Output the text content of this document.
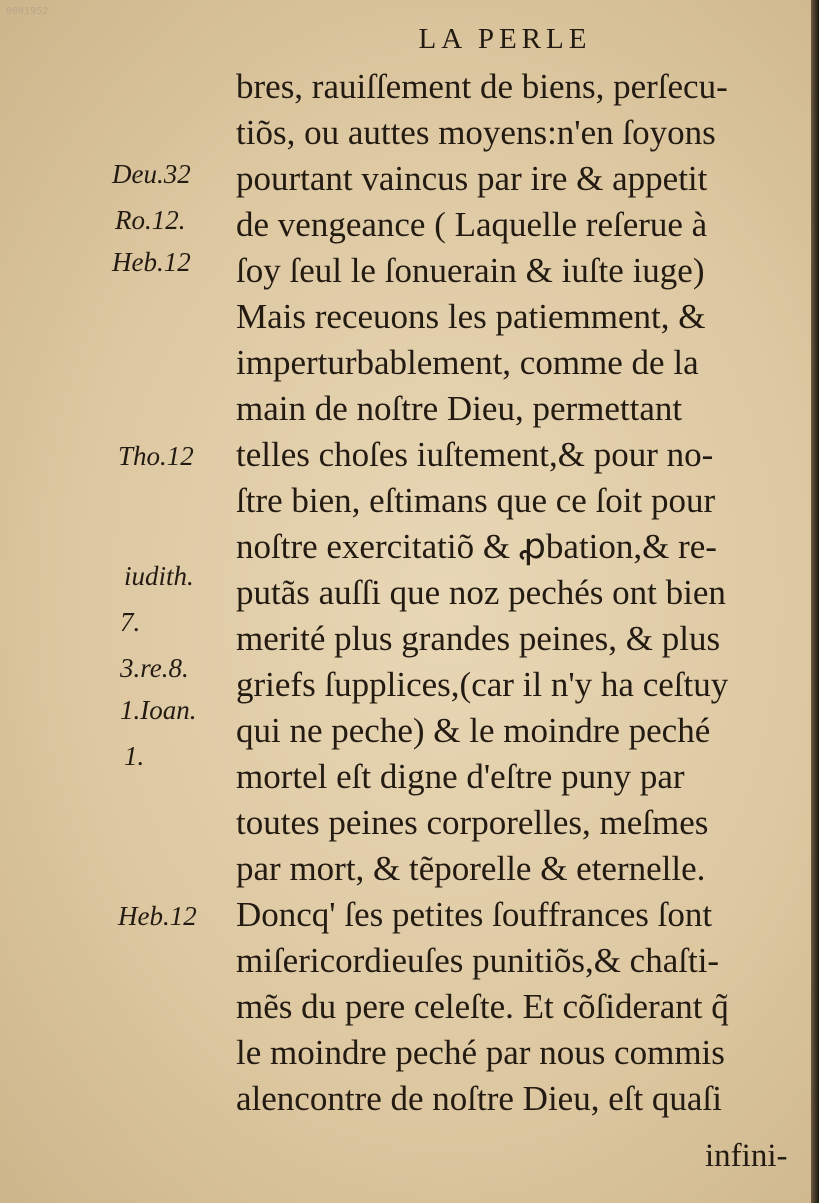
0001952
LA PERLE
bres, rauiſſement de biens, perſecu-
tiõs, ou auttes moyens:n'en ſoyons
pourtant vaincus par ire & appetit
de vengeance ( Laquelle reſerue à
ſoy ſeul le ſonuerain & iuſte iuge)
Mais receuons les patiemment, &
imperturbablement, comme de la
main de noſtre Dieu, permettant
telles choſes iuſtement,& pour no-
ſtre bien, eſtimans que ce ſoit pour
noſtre exercitatiõ & ꝓbation,& re-
putãs auſſi que noz pechés ont bien
merité plus grandes peines, & plus
griefs ſupplices,(car il n'y ha ceſtuy
qui ne peche) & le moindre peché
mortel eſt digne d'eſtre puny par
toutes peines corporelles, meſmes
par mort, & tẽporelle & eternelle.
Doncq' ſes petites ſouffrances ſont
miſericordieuſes punitiõs,& chaſti-
mẽs du pere celeſte. Et cõſiderant q̃
le moindre peché par nous commis
alencontre de noſtre Dieu, eſt quaſi
infini-
Deu.32
Ro.12.
Heb.12
Tho.12
iudith.
7.
3.re.8.
1.Ioan.
1.
Heb.12
